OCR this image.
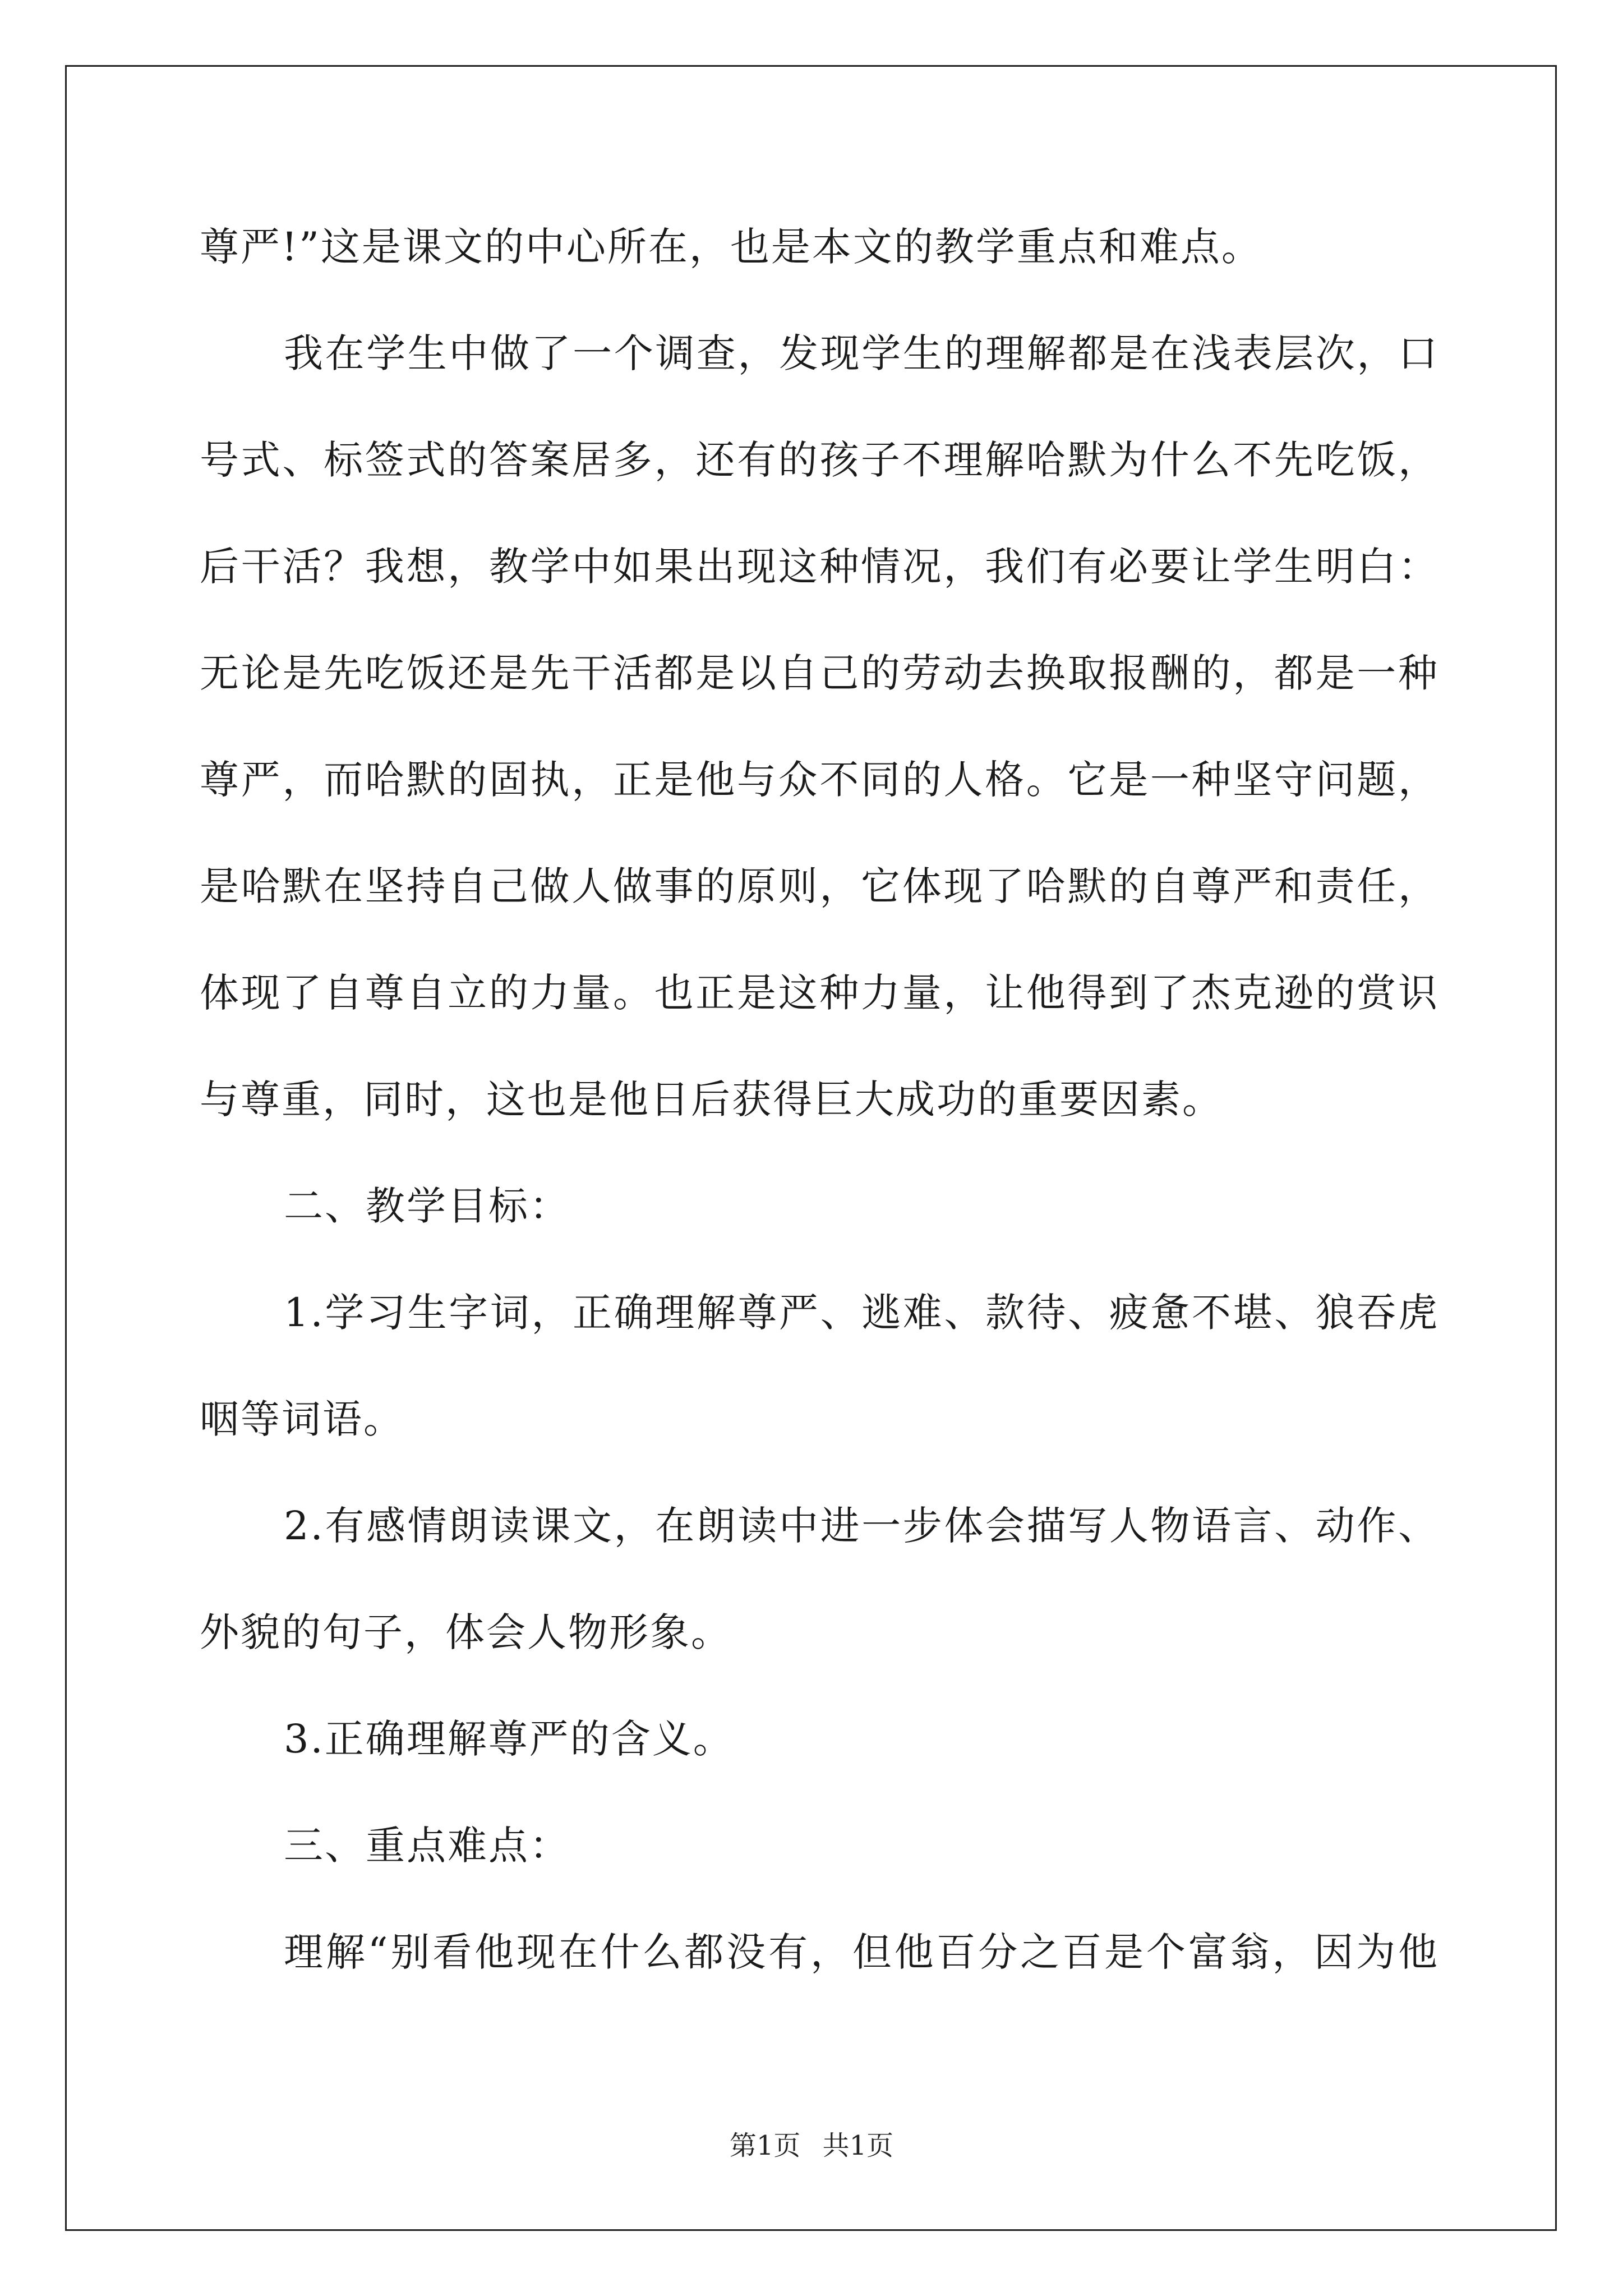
尊严!”这是课文的中心所在，也是本文的教学重点和难点。
我在学生中做了一个调查，发现学生的理解都是在浅表层次，口
号式、标签式的答案居多，还有的孩子不理解哈默为什么不先吃饭，
后干活？我想，教学中如果出现这种情况，我们有必要让学生明白：
无论是先吃饭还是先干活都是以自己的劳动去换取报酬的，都是一种
尊严，而哈默的固执，正是他与众不同的人格。它是一种坚守问题，
是哈默在坚持自己做人做事的原则，它体现了哈默的自尊严和责任，
体现了自尊自立的力量。也正是这种力量，让他得到了杰克逊的赏识
与尊重，同时，这也是他日后获得巨大成功的重要因素。
二、教学目标：
1.学习生字词，正确理解尊严、逃难、款待、疲惫不堪、狼吞虎
咽等词语。
2.有感情朗读课文，在朗读中进一步体会描写人物语言、动作、
外貌的句子，体会人物形象。
3.正确理解尊严的含义。
三、重点难点：
理解“别看他现在什么都没有，但他百分之百是个富翁，因为他
第1页 共1页
